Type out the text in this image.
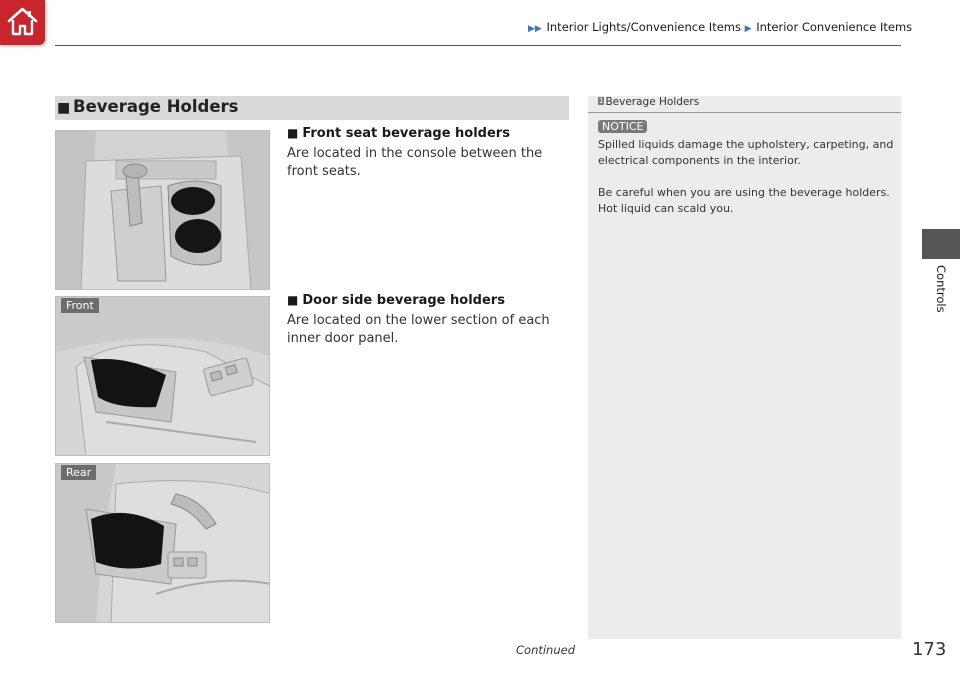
▶▶ Interior Lights/Convenience Items ▶ Interior Convenience Items
■ Beverage Holders
Front
Rear
■ Front seat beverage holders
Are located in the console between the front seats.
■ Door side beverage holders
Are located on the lower section of each inner door panel.
1 Beverage Holders
NOTICE
Spilled liquids damage the upholstery, carpeting, and electrical components in the interior.
Be careful when you are using the beverage holders. Hot liquid can scald you.
Controls
Continued	173
